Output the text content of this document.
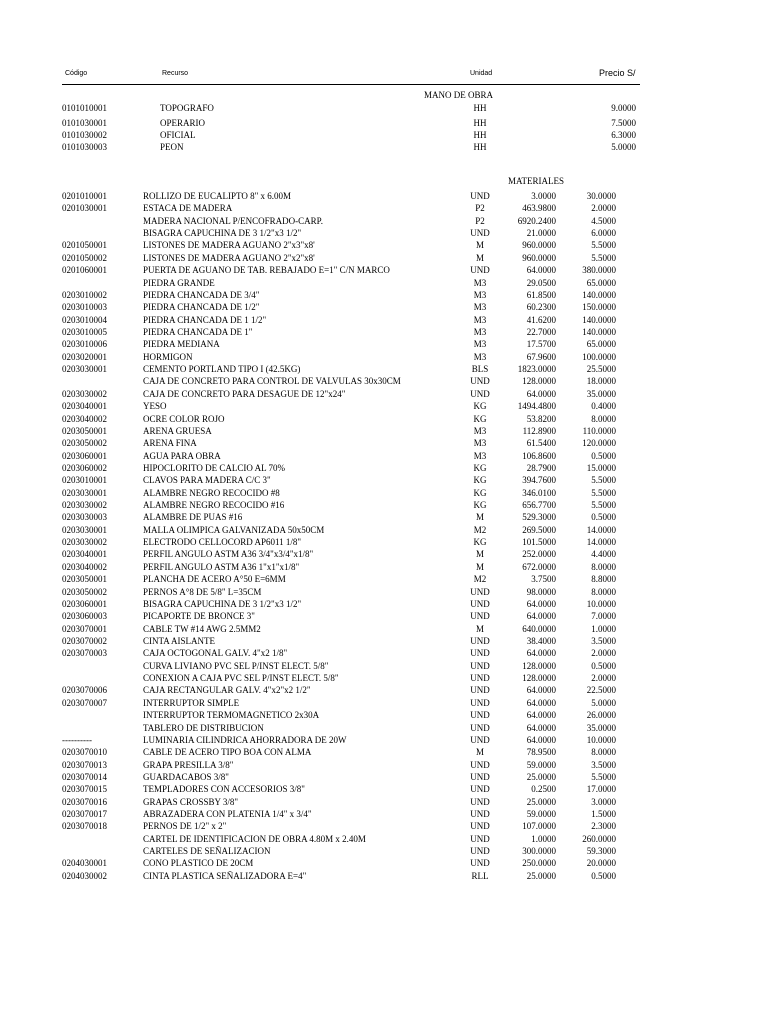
Código	Recurso	Unidad	Precio S/
MANO DE OBRA
0101010001	TOPOGRAFO	HH	9.0000
0101030001	OPERARIO	HH	7.5000
0101030002	OFICIAL	HH	6.3000
0101030003	PEON	HH	5.0000
MATERIALES
0201010001	ROLLIZO DE EUCALIPTO 8" x 6.00M	UND	3.0000	30.0000
0201030001	ESTACA DE MADERA	P2	463.9800	2.0000
MADERA NACIONAL P/ENCOFRADO-CARP.	P2	6920.2400	4.5000
BISAGRA CAPUCHINA DE 3 1/2"x3 1/2"	UND	21.0000	6.0000
0201050001	LISTONES DE MADERA AGUANO 2"x3"x8'	M	960.0000	5.5000
0201050002	LISTONES DE MADERA AGUANO 2"x2"x8'	M	960.0000	5.5000
0201060001	PUERTA DE AGUANO DE TAB. REBAJADO E=1" C/N MARCO	UND	64.0000	380.0000
PIEDRA GRANDE	M3	29.0500	65.0000
0203010002	PIEDRA CHANCADA DE 3/4"	M3	61.8500	140.0000
0203010003	PIEDRA CHANCADA DE 1/2"	M3	60.2300	150.0000
0203010004	PIEDRA CHANCADA DE 1 1/2"	M3	41.6200	140.0000
0203010005	PIEDRA CHANCADA DE 1"	M3	22.7000	140.0000
0203010006	PIEDRA MEDIANA	M3	17.5700	65.0000
0203020001	HORMIGON	M3	67.9600	100.0000
0203030001	CEMENTO PORTLAND TIPO I (42.5KG)	BLS	1823.0000	25.5000
CAJA DE CONCRETO PARA CONTROL DE VALVULAS 30x30CM	UND	128.0000	18.0000
0203030002	CAJA DE CONCRETO PARA DESAGUE DE 12"x24"	UND	64.0000	35.0000
0203040001	YESO	KG	1494.4800	0.4000
0203040002	OCRE COLOR ROJO	KG	53.8200	8.0000
0203050001	ARENA GRUESA	M3	112.8900	110.0000
0203050002	ARENA FINA	M3	61.5400	120.0000
0203060001	AGUA PARA OBRA	M3	106.8600	0.5000
0203060002	HIPOCLORITO DE CALCIO AL 70%	KG	28.7900	15.0000
0203010001	CLAVOS PARA MADERA C/C 3"	KG	394.7600	5.5000
0203030001	ALAMBRE NEGRO RECOCIDO #8	KG	346.0100	5.5000
0203030002	ALAMBRE NEGRO RECOCIDO #16	KG	656.7700	5.5000
0203030003	ALAMBRE DE PUAS #16	M	529.3000	0.5000
0203030001	MALLA OLIMPICA GALVANIZADA 50x50CM	M2	269.5000	14.0000
0203030002	ELECTRODO CELLOCORD AP6011 1/8"	KG	101.5000	14.0000
0203040001	PERFIL ANGULO ASTM A36 3/4"x3/4"x1/8"	M	252.0000	4.4000
0203040002	PERFIL ANGULO ASTM A36 1"x1"x1/8"	M	672.0000	8.0000
0203050001	PLANCHA DE ACERO A°50 E=6MM	M2	3.7500	8.8000
0203050002	PERNOS A°8 DE 5/8" L=35CM	UND	98.0000	8.0000
0203060001	BISAGRA CAPUCHINA DE 3 1/2"x3 1/2"	UND	64.0000	10.0000
0203060003	PICAPORTE DE BRONCE 3"	UND	64.0000	7.0000
0203070001	CABLE TW #14 AWG 2.5MM2	M	640.0000	1.0000
0203070002	CINTA AISLANTE	UND	38.4000	3.5000
0203070003	CAJA OCTOGONAL GALV. 4"x2 1/8"	UND	64.0000	2.0000
CURVA LIVIANO PVC SEL P/INST ELECT. 5/8"	UND	128.0000	0.5000
CONEXION A CAJA PVC SEL P/INST ELECT. 5/8"	UND	128.0000	2.0000
0203070006	CAJA RECTANGULAR GALV. 4"x2"x2 1/2"	UND	64.0000	22.5000
0203070007	INTERRUPTOR SIMPLE	UND	64.0000	5.0000
INTERRUPTOR TERMOMAGNETICO 2x30A	UND	64.0000	26.0000
TABLERO DE DISTRIBUCION	UND	64.0000	35.0000
----------	LUMINARIA CILINDRICA AHORRADORA DE 20W	UND	64.0000	10.0000
0203070010	CABLE DE ACERO TIPO BOA CON ALMA	M	78.9500	8.0000
0203070013	GRAPA PRESILLA 3/8"	UND	59.0000	3.5000
0203070014	GUARDACABOS 3/8"	UND	25.0000	5.5000
0203070015	TEMPLADORES CON ACCESORIOS 3/8"	UND	0.2500	17.0000
0203070016	GRAPAS CROSSBY 3/8"	UND	25.0000	3.0000
0203070017	ABRAZADERA CON PLATENIA 1/4" x 3/4"	UND	59.0000	1.5000
0203070018	PERNOS DE 1/2" x 2"	UND	107.0000	2.3000
CARTEL DE IDENTIFICACION DE OBRA 4.80M x 2.40M	UND	1.0000	260.0000
CARTELES DE SEÑALIZACION	UND	300.0000	59.3000
0204030001	CONO PLASTICO DE 20CM	UND	250.0000	20.0000
0204030002	CINTA PLASTICA SEÑALIZADORA E=4"	RLL	25.0000	0.5000
